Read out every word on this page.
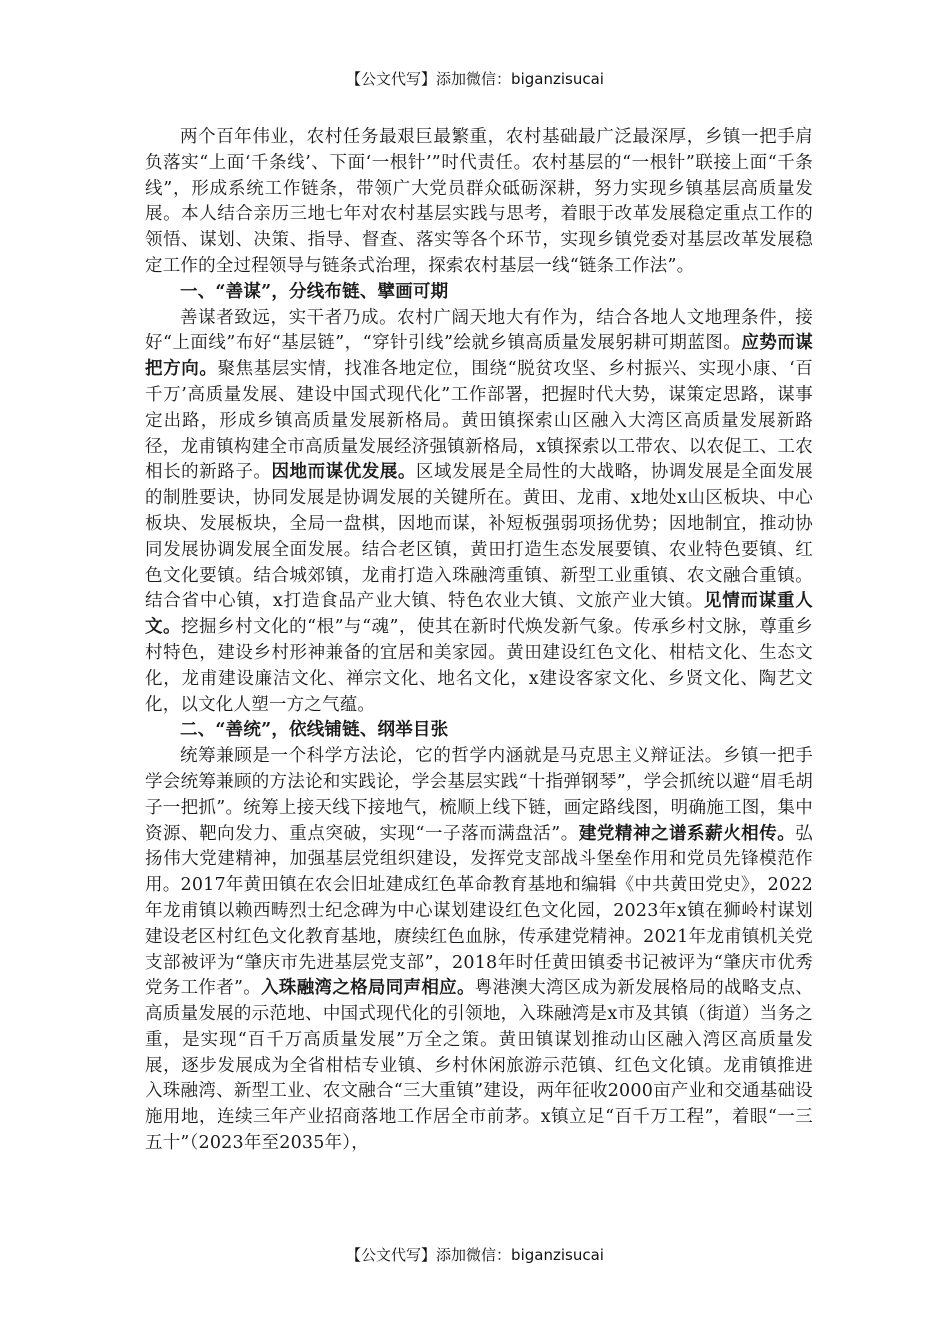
【公文代写】添加微信：biganzisucai

两个百年伟业，农村任务最艰巨最繁重，农村基础最广泛最深厚，乡镇一把手肩负落实“上面‘千条线’、下面‘一根针’”时代责任。农村基层的“一根针”联接上面“千条线”，形成系统工作链条，带领广大党员群众砥砺深耕，努力实现乡镇基层高质量发展。本人结合亲历三地七年对农村基层实践与思考，着眼于改革发展稳定重点工作的领悟、谋划、决策、指导、督查、落实等各个环节，实现乡镇党委对基层改革发展稳定工作的全过程领导与链条式治理，探索农村基层一线“链条工作法”。

一、“善谋”，分线布链、擘画可期

善谋者致远，实干者乃成。农村广阔天地大有作为，结合各地人文地理条件，接好“上面线”布好“基层链”，“穿针引线”绘就乡镇高质量发展躬耕可期蓝图。应势而谋把方向。聚焦基层实情，找准各地定位，围绕“脱贫攻坚、乡村振兴、实现小康、‘百千万’高质量发展、建设中国式现代化”工作部署，把握时代大势，谋策定思路，谋事定出路，形成乡镇高质量发展新格局。黄田镇探索山区融入大湾区高质量发展新路径，龙甫镇构建全市高质量发展经济强镇新格局，x镇探索以工带农、以农促工、工农相长的新路子。因地而谋优发展。区域发展是全局性的大战略，协调发展是全面发展的制胜要诀，协同发展是协调发展的关键所在。黄田、龙甫、x地处x山区板块、中心板块、发展板块，全局一盘棋，因地而谋，补短板强弱项扬优势；因地制宜，推动协同发展协调发展全面发展。结合老区镇，黄田打造生态发展要镇、农业特色要镇、红色文化要镇。结合城郊镇，龙甫打造入珠融湾重镇、新型工业重镇、农文融合重镇。结合省中心镇，x打造食品产业大镇、特色农业大镇、文旅产业大镇。见情而谋重人文。挖掘乡村文化的“根”与“魂”，使其在新时代焕发新气象。传承乡村文脉，尊重乡村特色，建设乡村形神兼备的宜居和美家园。黄田建设红色文化、柑桔文化、生态文化，龙甫建设廉洁文化、禅宗文化、地名文化，x建设客家文化、乡贤文化、陶艺文化，以文化人塑一方之气蕴。

二、“善统”，依线铺链、纲举目张

统筹兼顾是一个科学方法论，它的哲学内涵就是马克思主义辩证法。乡镇一把手学会统筹兼顾的方法论和实践论，学会基层实践“十指弹钢琴”，学会抓统以避“眉毛胡子一把抓”。统筹上接天线下接地气，梳顺上线下链，画定路线图，明确施工图，集中资源、靶向发力、重点突破，实现“一子落而满盘活”。建党精神之谱系薪火相传。弘扬伟大党建精神，加强基层党组织建设，发挥党支部战斗堡垒作用和党员先锋模范作用。2017年黄田镇在农会旧址建成红色革命教育基地和编辑《中共黄田党史》，2022年龙甫镇以赖西畴烈士纪念碑为中心谋划建设红色文化园，2023年x镇在狮岭村谋划建设老区村红色文化教育基地，赓续红色血脉，传承建党精神。2021年龙甫镇机关党支部被评为“肇庆市先进基层党支部”，2018年时任黄田镇委书记被评为“肇庆市优秀党务工作者”。入珠融湾之格局同声相应。粤港澳大湾区成为新发展格局的战略支点、高质量发展的示范地、中国式现代化的引领地，入珠融湾是x市及其镇（街道）当务之重，是实现“百千万高质量发展”万全之策。黄田镇谋划推动山区融入湾区高质量发展，逐步发展成为全省柑桔专业镇、乡村休闲旅游示范镇、红色文化镇。龙甫镇推进入珠融湾、新型工业、农文融合“三大重镇”建设，两年征收2000亩产业和交通基础设施用地，连续三年产业招商落地工作居全市前茅。x镇立足“百千万工程”，着眼“一三五十”（2023年至2035年），

【公文代写】添加微信：biganzisucai
